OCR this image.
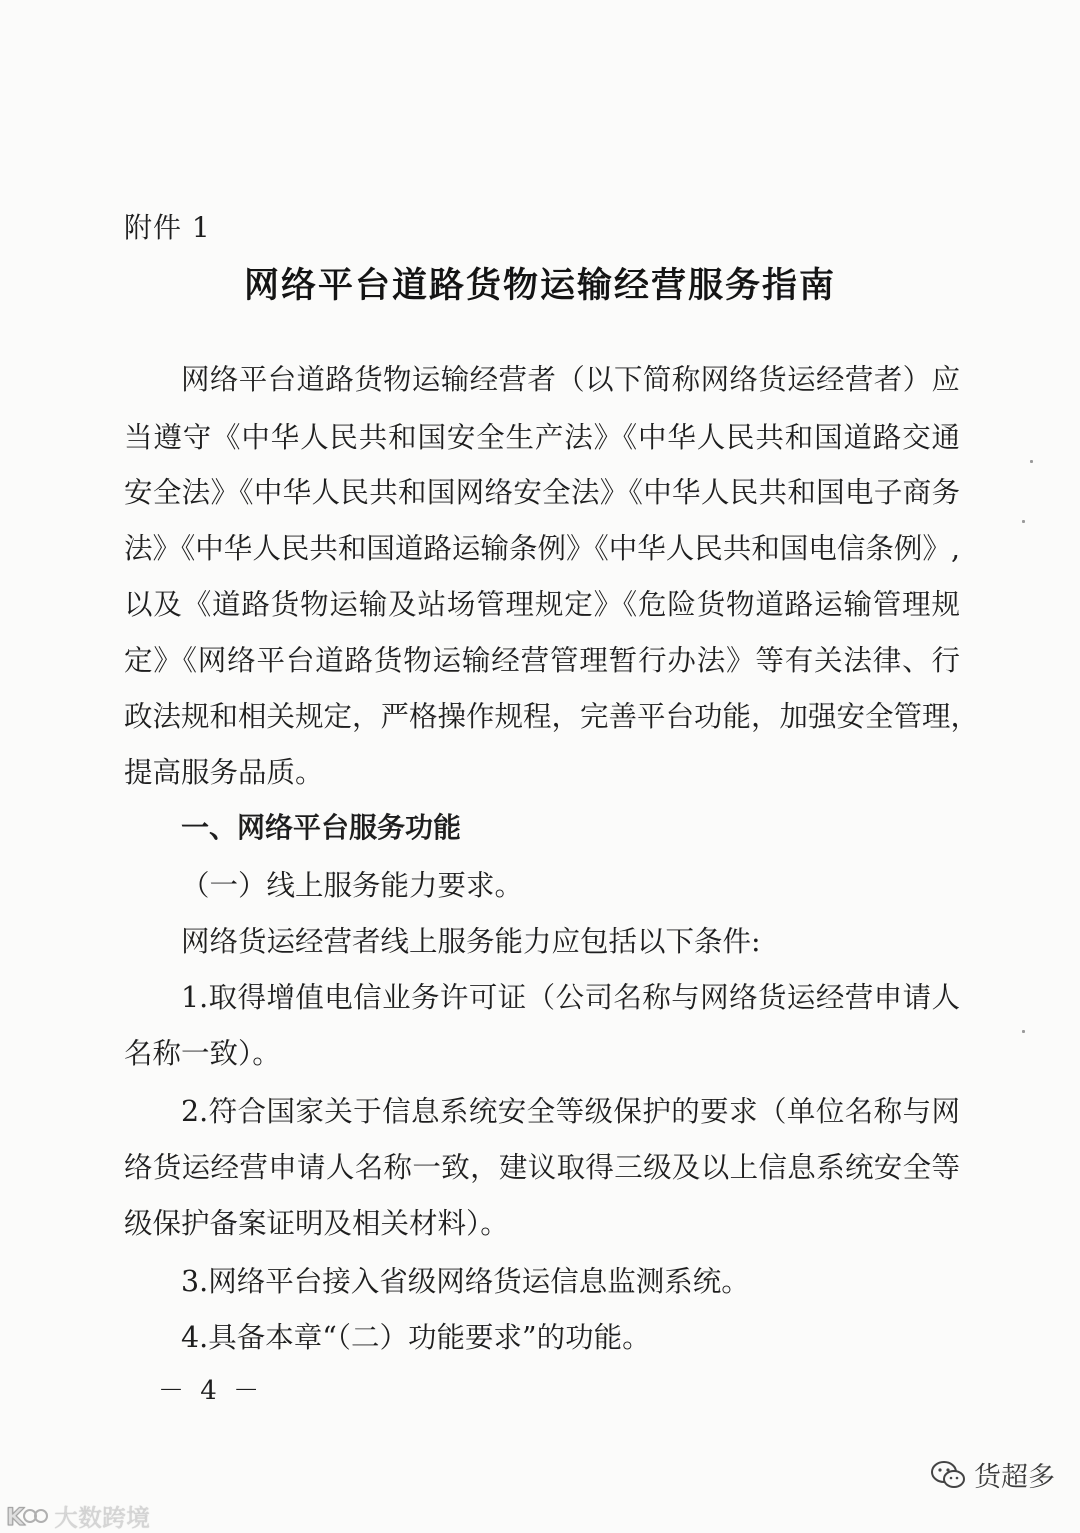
附件 1
网络平台道路货物运输经营服务指南
网络平台道路货物运输经营者（以下简称网络货运经营者）应
当遵守《中华人民共和国安全生产法》《中华人民共和国道路交通
安全法》《中华人民共和国网络安全法》《中华人民共和国电子商务
法》《中华人民共和国道路运输条例》《中华人民共和国电信条例》,
以及《道路货物运输及站场管理规定》《危险货物道路运输管理规
定》《网络平台道路货物运输经营管理暂行办法》等有关法律、行
政法规和相关规定，严格操作规程，完善平台功能，加强安全管理，
提高服务品质。
一、网络平台服务功能
（一）线上服务能力要求。
网络货运经营者线上服务能力应包括以下条件:
1.取得增值电信业务许可证（公司名称与网络货运经营申请人
名称一致）。
2.符合国家关于信息系统安全等级保护的要求（单位名称与网
络货运经营申请人名称一致，建议取得三级及以上信息系统安全等
级保护备案证明及相关材料）。
3.网络平台接入省级网络货运信息监测系统。
4.具备本章“（二）功能要求”的功能。
－ 4 －
货超多
K 大数跨境
